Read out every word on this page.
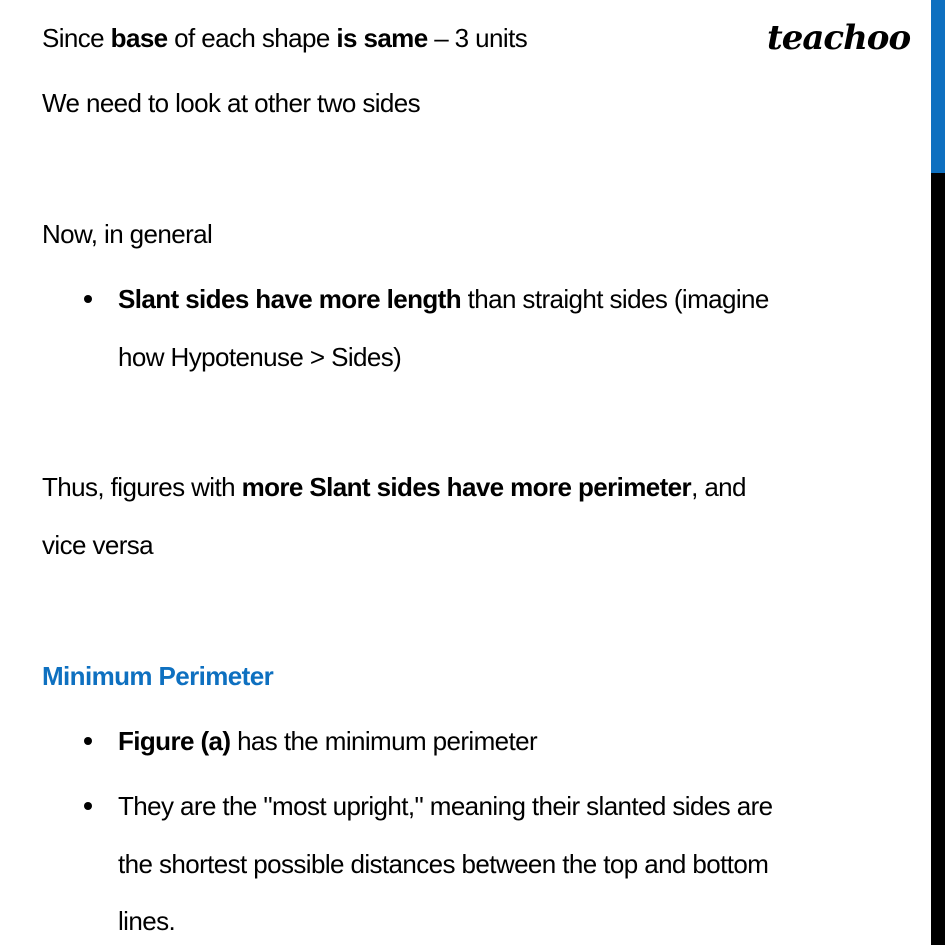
Since base of each shape is same – 3 units	teachoo
We need to look at other two sides
Now, in general
Slant sides have more length than straight sides (imagine
how Hypotenuse > Sides)
Thus, figures with more Slant sides have more perimeter, and
vice versa
Minimum Perimeter
Figure (a) has the minimum perimeter
They are the "most upright," meaning their slanted sides are
the shortest possible distances between the top and bottom
lines.
